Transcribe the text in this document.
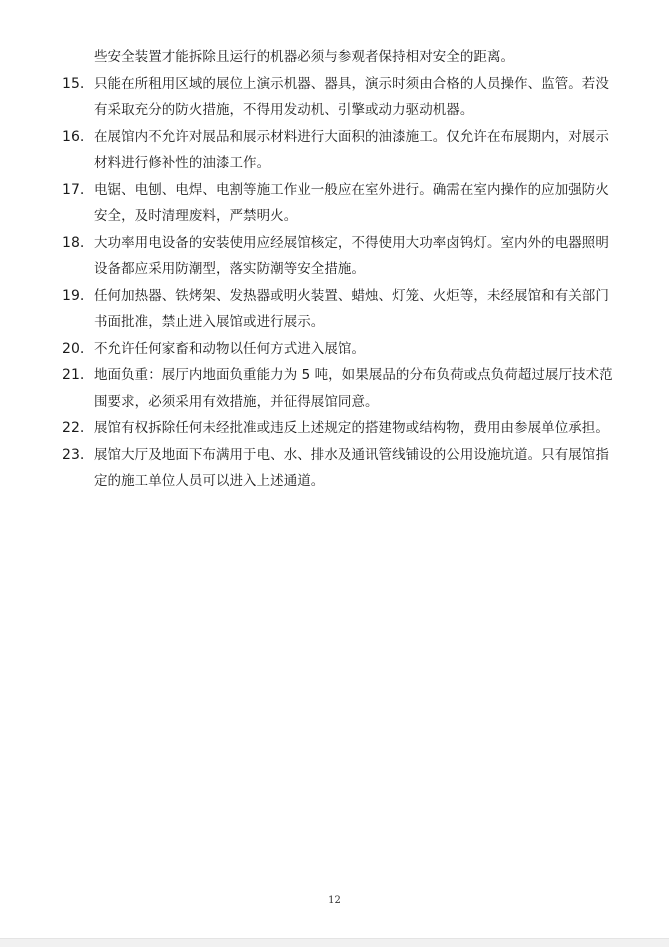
些安全装置才能拆除且运行的机器必须与参观者保持相对安全的距离。
15. 只能在所租用区域的展位上演示机器、器具，演示时须由合格的人员操作、监管。若没
有采取充分的防火措施，不得用发动机、引擎或动力驱动机器。
16. 在展馆内不允许对展品和展示材料进行大面积的油漆施工。仅允许在布展期内，对展示
材料进行修补性的油漆工作。
17. 电锯、电刨、电焊、电割等施工作业一般应在室外进行。确需在室内操作的应加强防火
安全，及时清理废料，严禁明火。
18. 大功率用电设备的安装使用应经展馆核定，不得使用大功率卤钨灯。室内外的电器照明
设备都应采用防潮型，落实防潮等安全措施。
19. 任何加热器、铁烤架、发热器或明火装置、蜡烛、灯笼、火炬等，未经展馆和有关部门
书面批准，禁止进入展馆或进行展示。
20. 不允许任何家畜和动物以任何方式进入展馆。
21. 地面负重：展厅内地面负重能力为 5 吨，如果展品的分布负荷或点负荷超过展厅技术范
围要求，必须采用有效措施，并征得展馆同意。
22. 展馆有权拆除任何未经批准或违反上述规定的搭建物或结构物，费用由参展单位承担。
23. 展馆大厅及地面下布满用于电、水、排水及通讯管线铺设的公用设施坑道。只有展馆指
定的施工单位人员可以进入上述通道。
12
